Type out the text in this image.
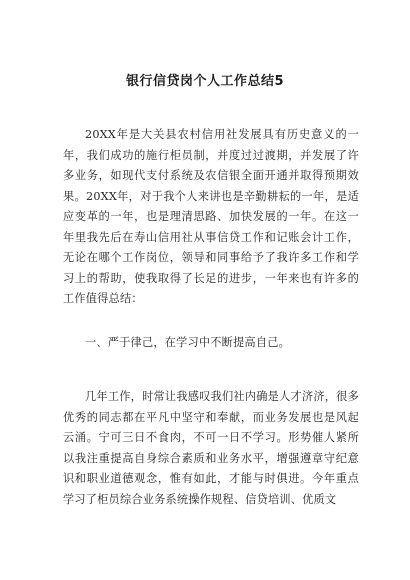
银行信贷岗个人工作总结5
20XX年是大关县农村信用社发展具有历史意义的一年，我们成功的施行柜员制，并度过过渡期，并发展了许多业务，如现代支付系统及农信银全面开通并取得预期效果。20XX年，对于我个人来讲也是辛勤耕耘的一年，是适应变革的一年，也是理清思路、加快发展的一年。在这一年里我先后在寿山信用社从事信贷工作和记账会计工作，无论在哪个工作岗位，领导和同事给予了我许多工作和学习上的帮助，使我取得了长足的进步，一年来也有许多的工作值得总结：
一、严于律己，在学习中不断提高自己。
几年工作，时常让我感叹我们社内确是人才济济，很多优秀的同志都在平凡中坚守和奉献，而业务发展也是风起云涌。宁可三日不食肉，不可一日不学习。形势催人紧所以我注重提高自身综合素质和业务水平，增强遵章守纪意识和职业道德观念，惟有如此，才能与时俱进。今年重点学习了柜员综合业务系统操作规程、信贷培训、优质文
